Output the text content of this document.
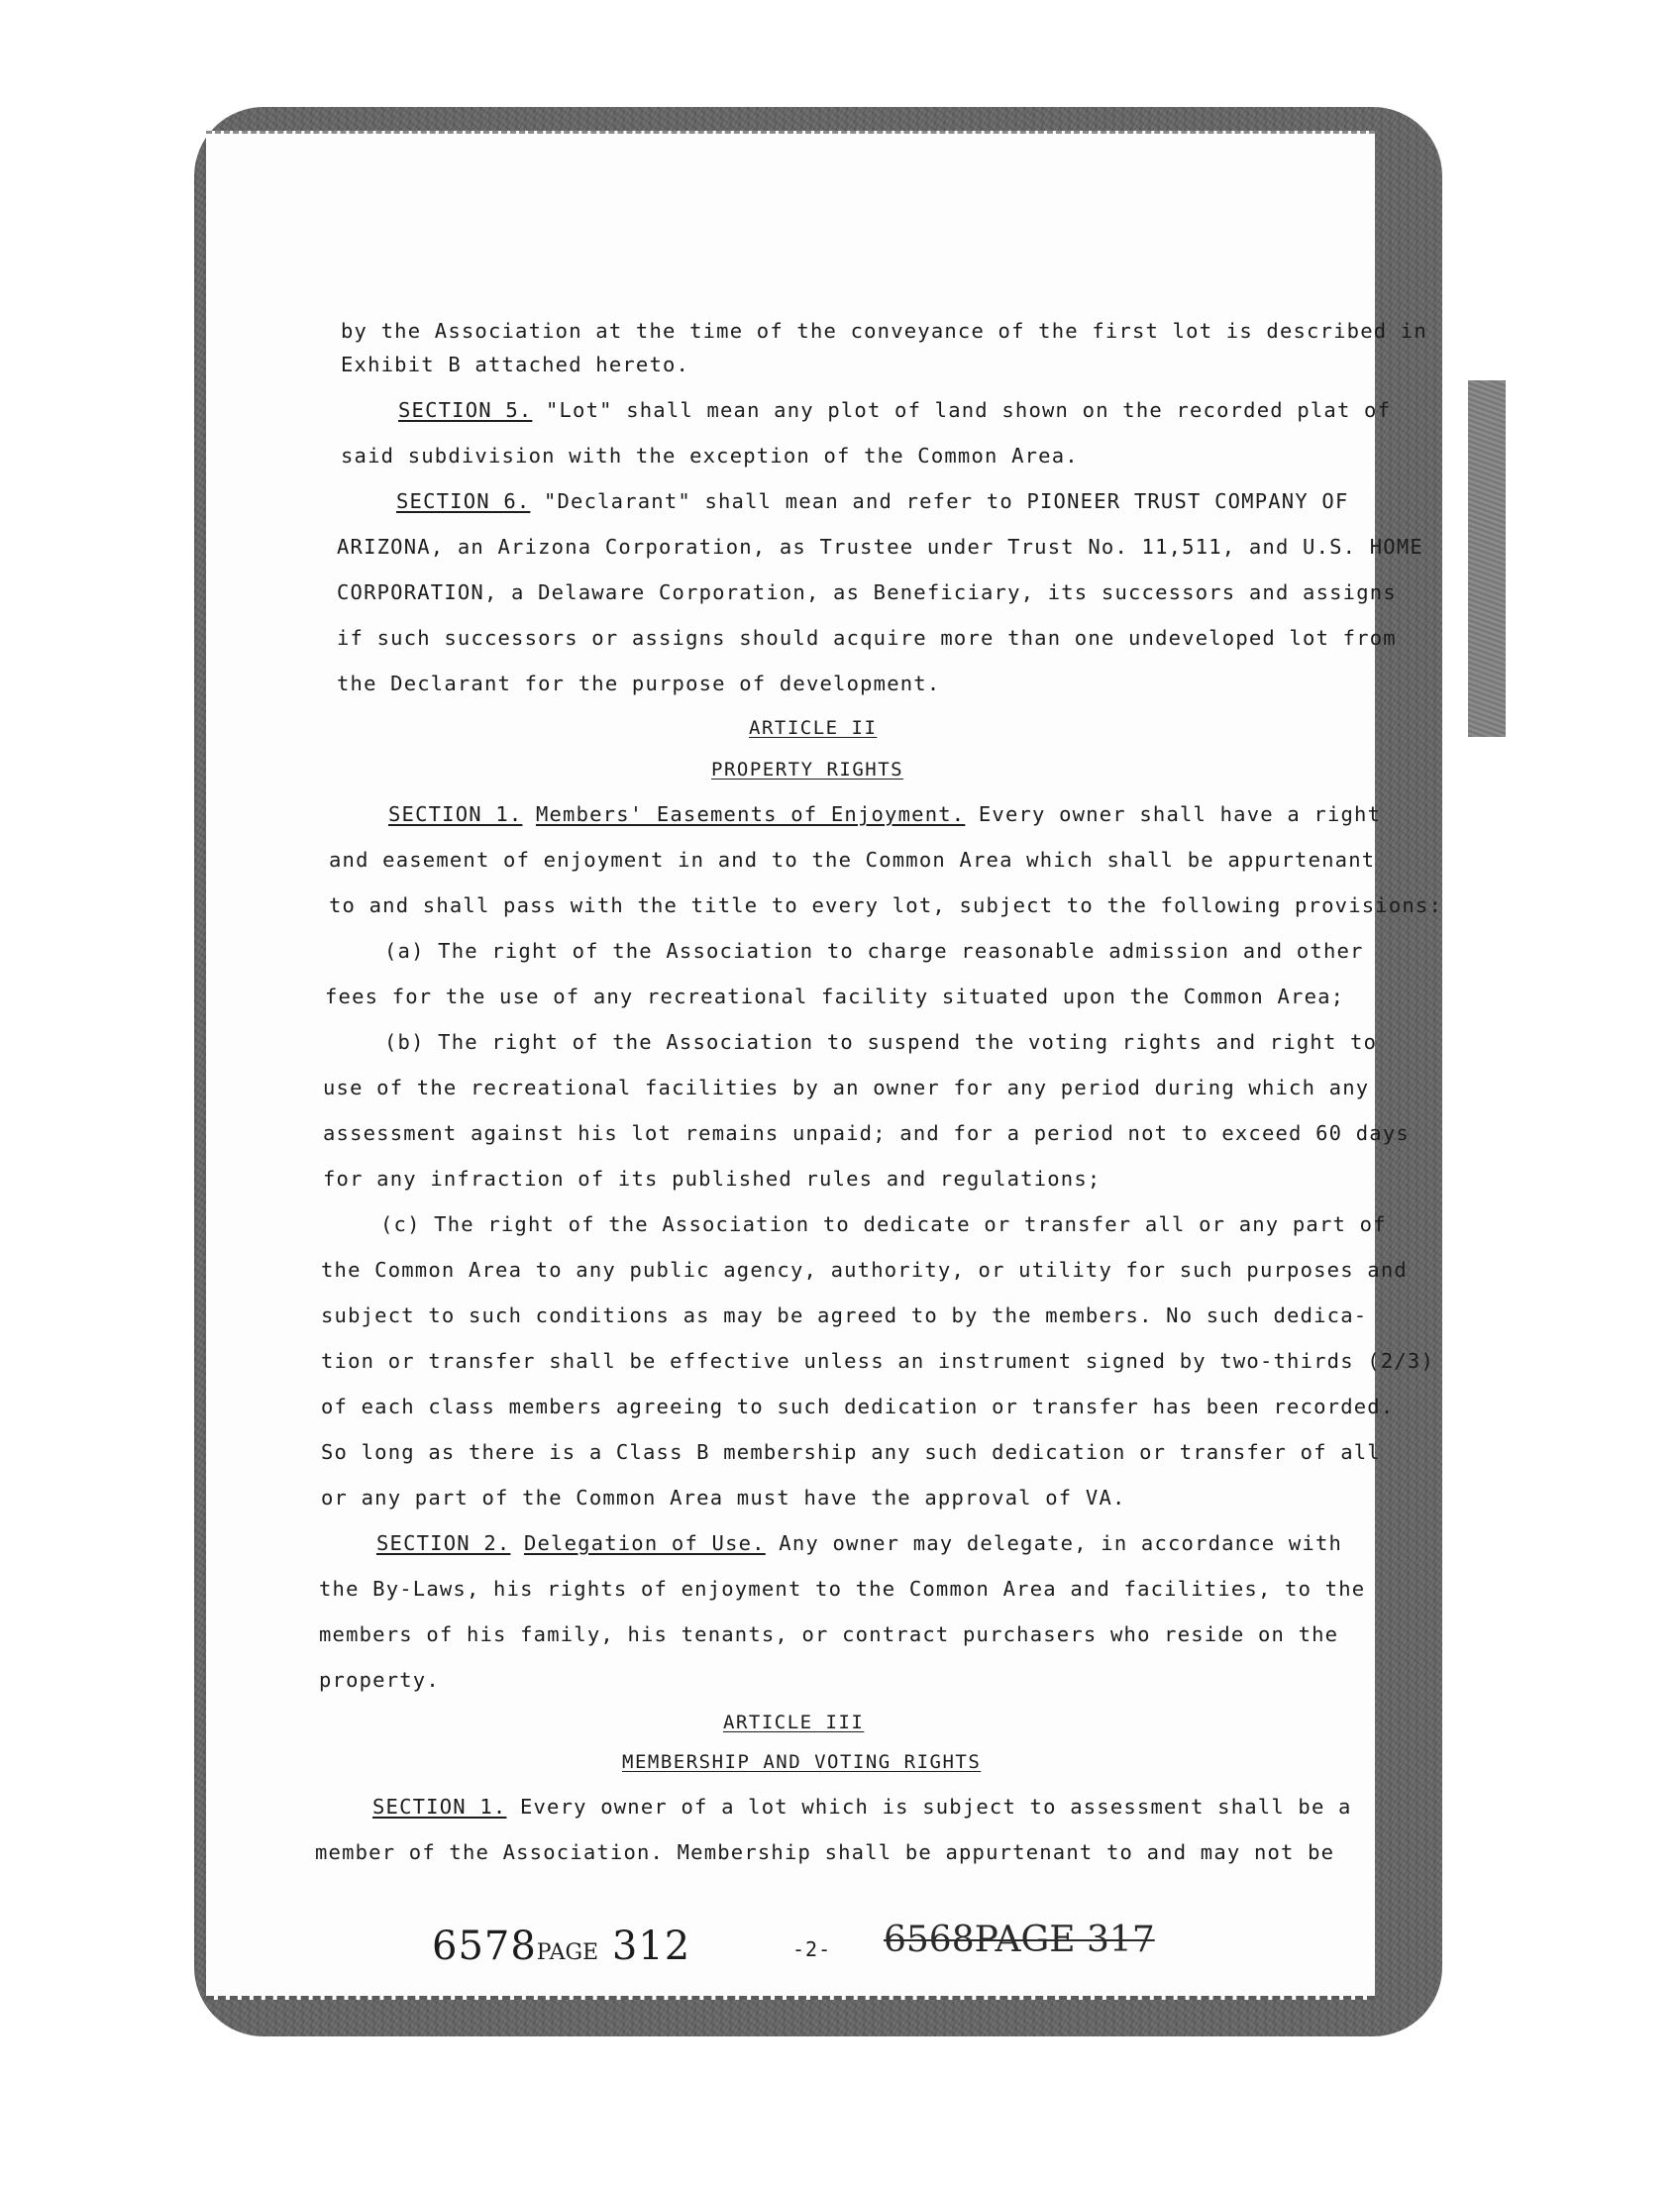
by the Association at the time of the conveyance of the first lot is described in
Exhibit B attached hereto.
SECTION 5. "Lot" shall mean any plot of land shown on the recorded plat of
said subdivision with the exception of the Common Area.
SECTION 6. "Declarant" shall mean and refer to PIONEER TRUST COMPANY OF
ARIZONA, an Arizona Corporation, as Trustee under Trust No. 11,511, and U.S. HOME
CORPORATION, a Delaware Corporation, as Beneficiary, its successors and assigns
if such successors or assigns should acquire more than one undeveloped lot from
the Declarant for the purpose of development.
ARTICLE II
PROPERTY RIGHTS
SECTION 1. Members' Easements of Enjoyment. Every owner shall have a right
and easement of enjoyment in and to the Common Area which shall be appurtenant
to and shall pass with the title to every lot, subject to the following provisions:
(a) The right of the Association to charge reasonable admission and other
fees for the use of any recreational facility situated upon the Common Area;
(b) The right of the Association to suspend the voting rights and right to
use of the recreational facilities by an owner for any period during which any
assessment against his lot remains unpaid; and for a period not to exceed 60 days
for any infraction of its published rules and regulations;
(c) The right of the Association to dedicate or transfer all or any part of
the Common Area to any public agency, authority, or utility for such purposes and
subject to such conditions as may be agreed to by the members. No such dedica-
tion or transfer shall be effective unless an instrument signed by two-thirds (2/3)
of each class members agreeing to such dedication or transfer has been recorded.
So long as there is a Class B membership any such dedication or transfer of all
or any part of the Common Area must have the approval of VA.
SECTION 2. Delegation of Use. Any owner may delegate, in accordance with
the By-Laws, his rights of enjoyment to the Common Area and facilities, to the
members of his family, his tenants, or contract purchasers who reside on the
property.
ARTICLE III
MEMBERSHIP AND VOTING RIGHTS
SECTION 1. Every owner of a lot which is subject to assessment shall be a
member of the Association. Membership shall be appurtenant to and may not be
6578PAGE 312	-2- 6568PAGE 317
